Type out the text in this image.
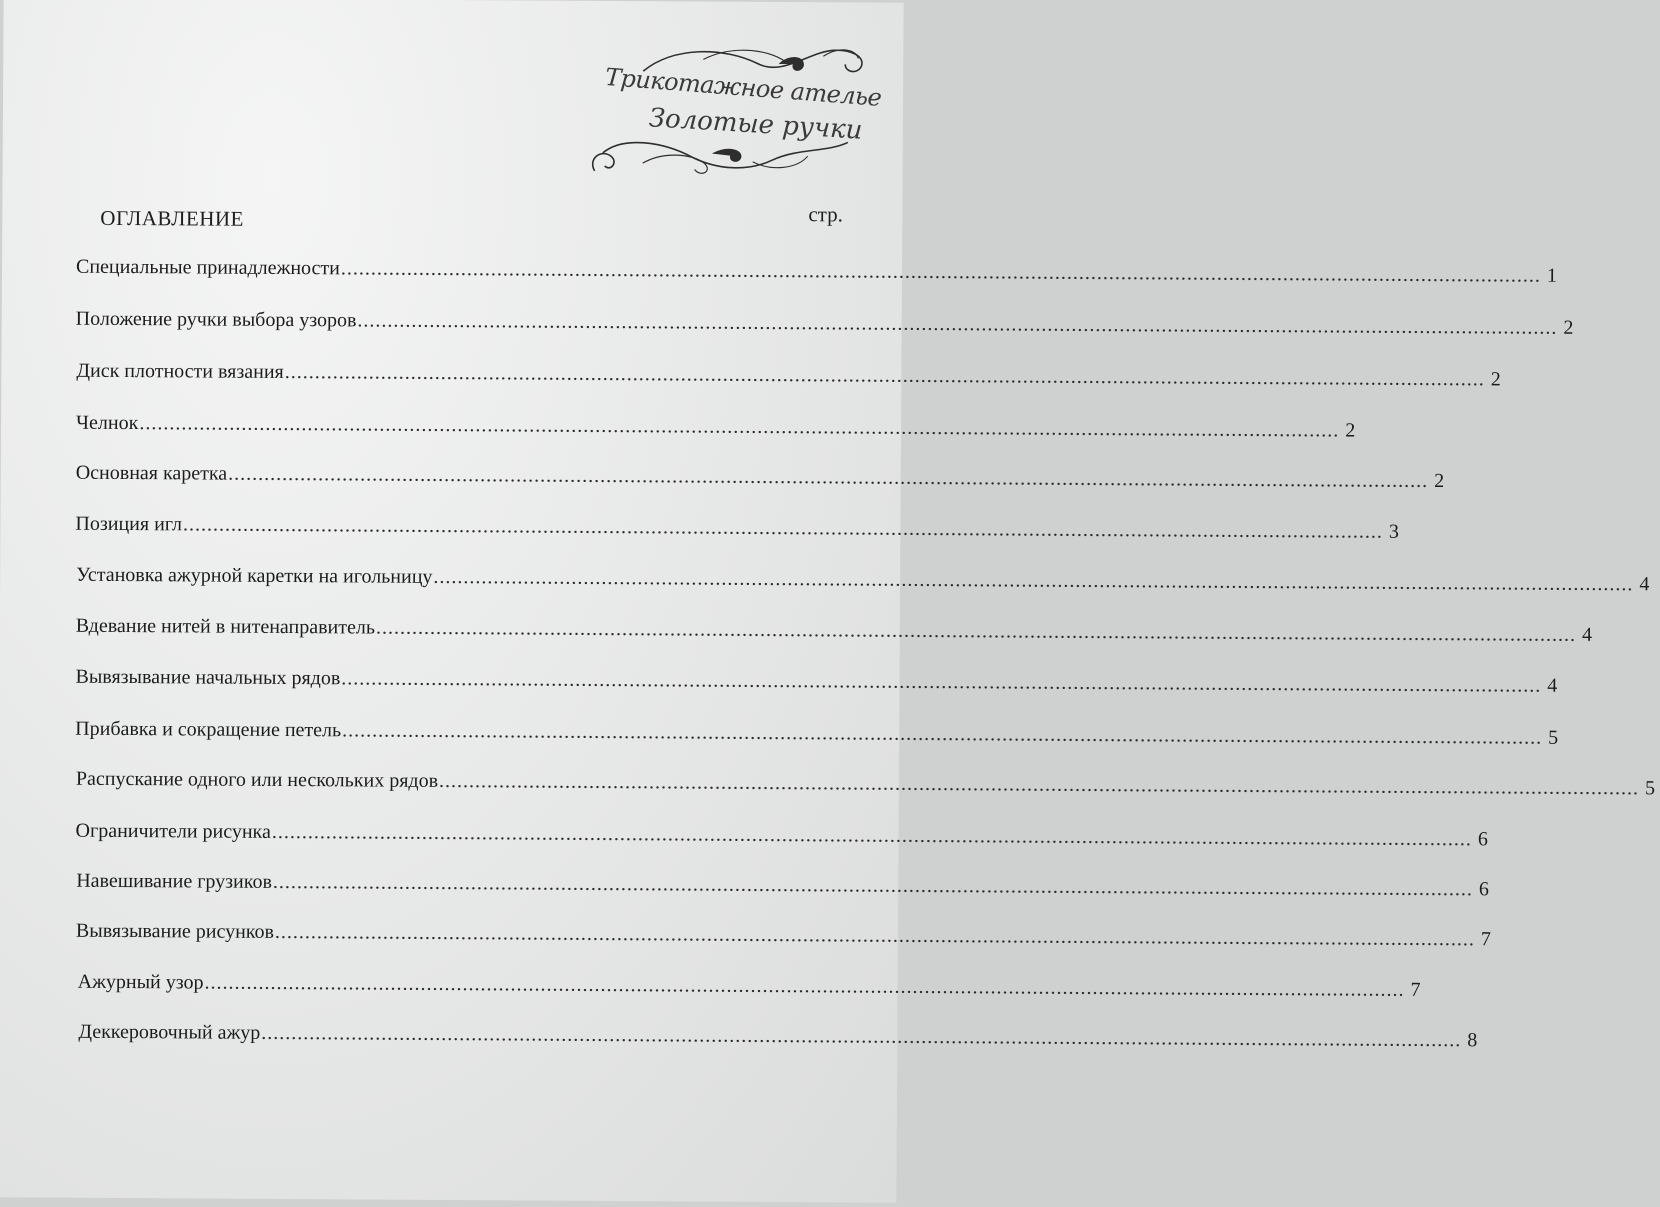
Трикотажное ателье
Золотые ручки
ОГЛАВЛЕНИЕ	стр.
Специальные принадлежности ........................................................................................................................................................................................................ 1
Положение ручки выбора узоров ........................................................................................................................................................................................................ 2
Диск плотности вязания ........................................................................................................................................................................................................ 2
Челнок ........................................................................................................................................................................................................ 2
Основная каретка ........................................................................................................................................................................................................ 2
Позиция игл ........................................................................................................................................................................................................ 3
Установка ажурной каретки на игольницу ........................................................................................................................................................................................................ 4
Вдевание нитей в нитенаправитель ........................................................................................................................................................................................................ 4
Вывязывание начальных рядов ........................................................................................................................................................................................................ 4
Прибавка и сокращение петель ........................................................................................................................................................................................................ 5
Распускание одного или нескольких рядов ........................................................................................................................................................................................................ 5
Ограничители рисунка ........................................................................................................................................................................................................ 6
Навешивание грузиков ........................................................................................................................................................................................................ 6
Вывязывание рисунков ........................................................................................................................................................................................................ 7
Ажурный узор ........................................................................................................................................................................................................ 7
Деккеровочный ажур ........................................................................................................................................................................................................ 8
